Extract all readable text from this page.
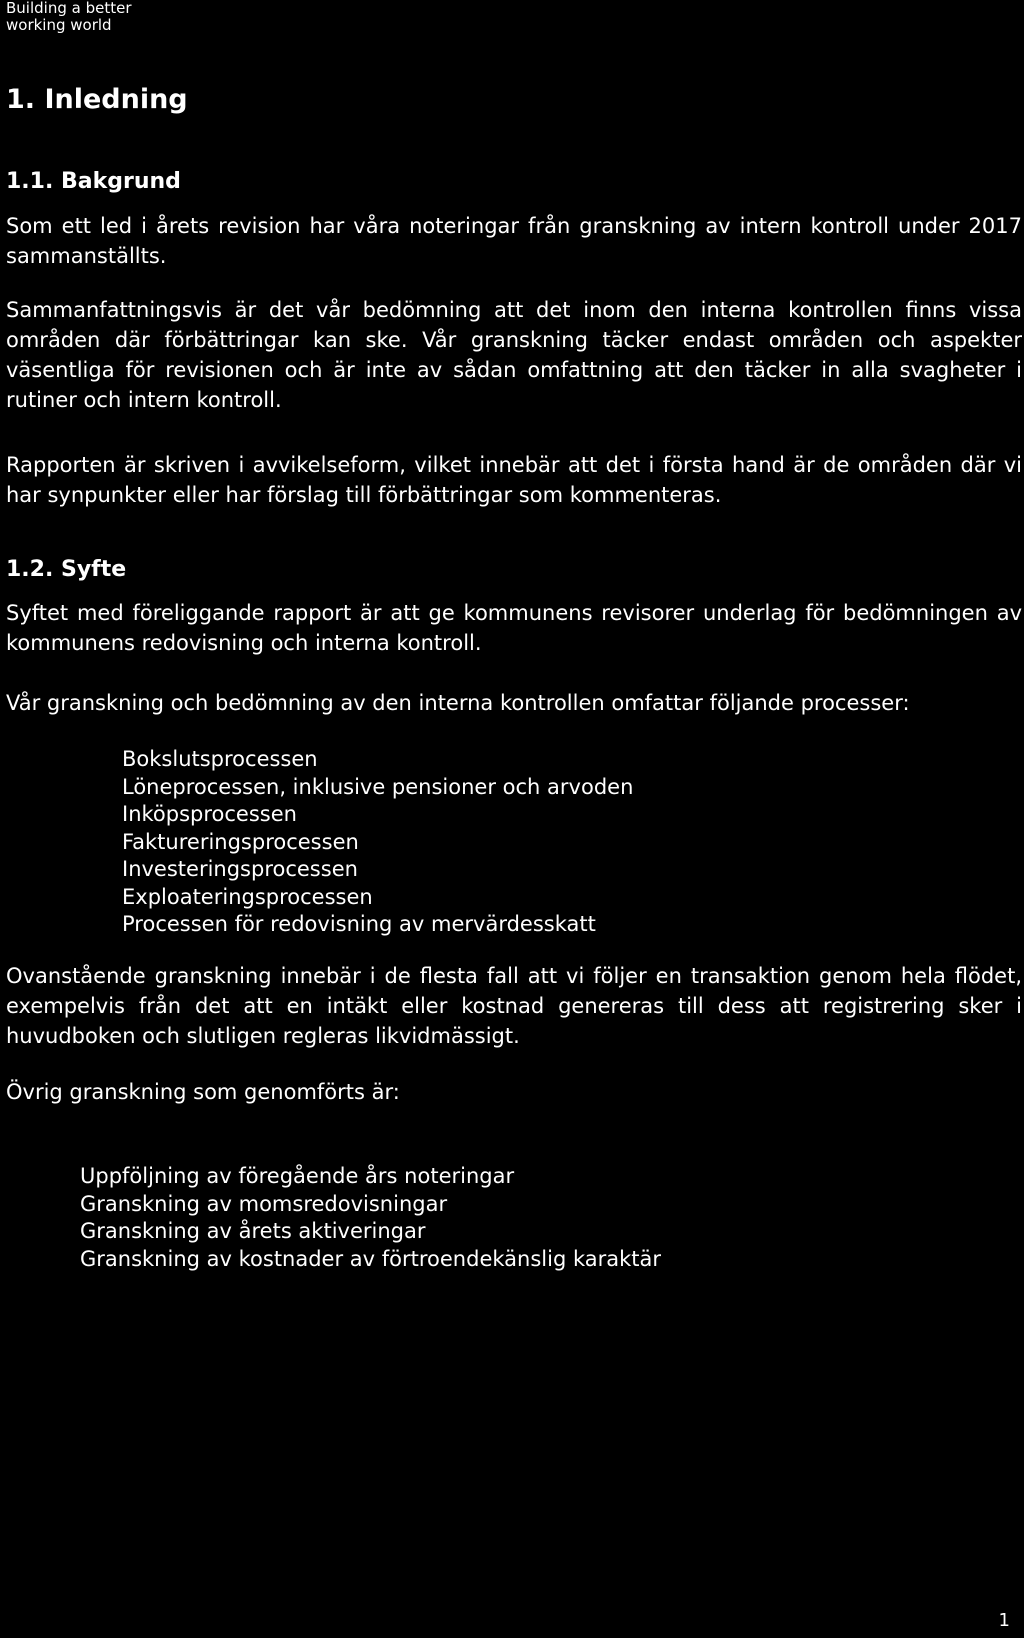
Building a better
working world
1. Inledning
1.1. Bakgrund
Som ett led i årets revision har våra noteringar från granskning av intern kontroll under 2017 sammanställts.
Sammanfattningsvis är det vår bedömning att det inom den interna kontrollen finns vissa områden där förbättringar kan ske. Vår granskning täcker endast områden och aspekter väsentliga för revisionen och är inte av sådan omfattning att den täcker in alla svagheter i rutiner och intern kontroll.
Rapporten är skriven i avvikelseform, vilket innebär att det i första hand är de områden där vi har synpunkter eller har förslag till förbättringar som kommenteras.
1.2. Syfte
Syftet med föreliggande rapport är att ge kommunens revisorer underlag för bedömningen av kommunens redovisning och interna kontroll.
Vår granskning och bedömning av den interna kontrollen omfattar följande processer:
Bokslutsprocessen
Löneprocessen, inklusive pensioner och arvoden
Inköpsprocessen
Faktureringsprocessen
Investeringsprocessen
Exploateringsprocessen
Processen för redovisning av mervärdesskatt
Ovanstående granskning innebär i de flesta fall att vi följer en transaktion genom hela flödet, exempelvis från det att en intäkt eller kostnad genereras till dess att registrering sker i huvudboken och slutligen regleras likvidmässigt.
Övrig granskning som genomförts är:
Uppföljning av föregående års noteringar
Granskning av momsredovisningar
Granskning av årets aktiveringar
Granskning av kostnader av förtroendekänslig karaktär
1
